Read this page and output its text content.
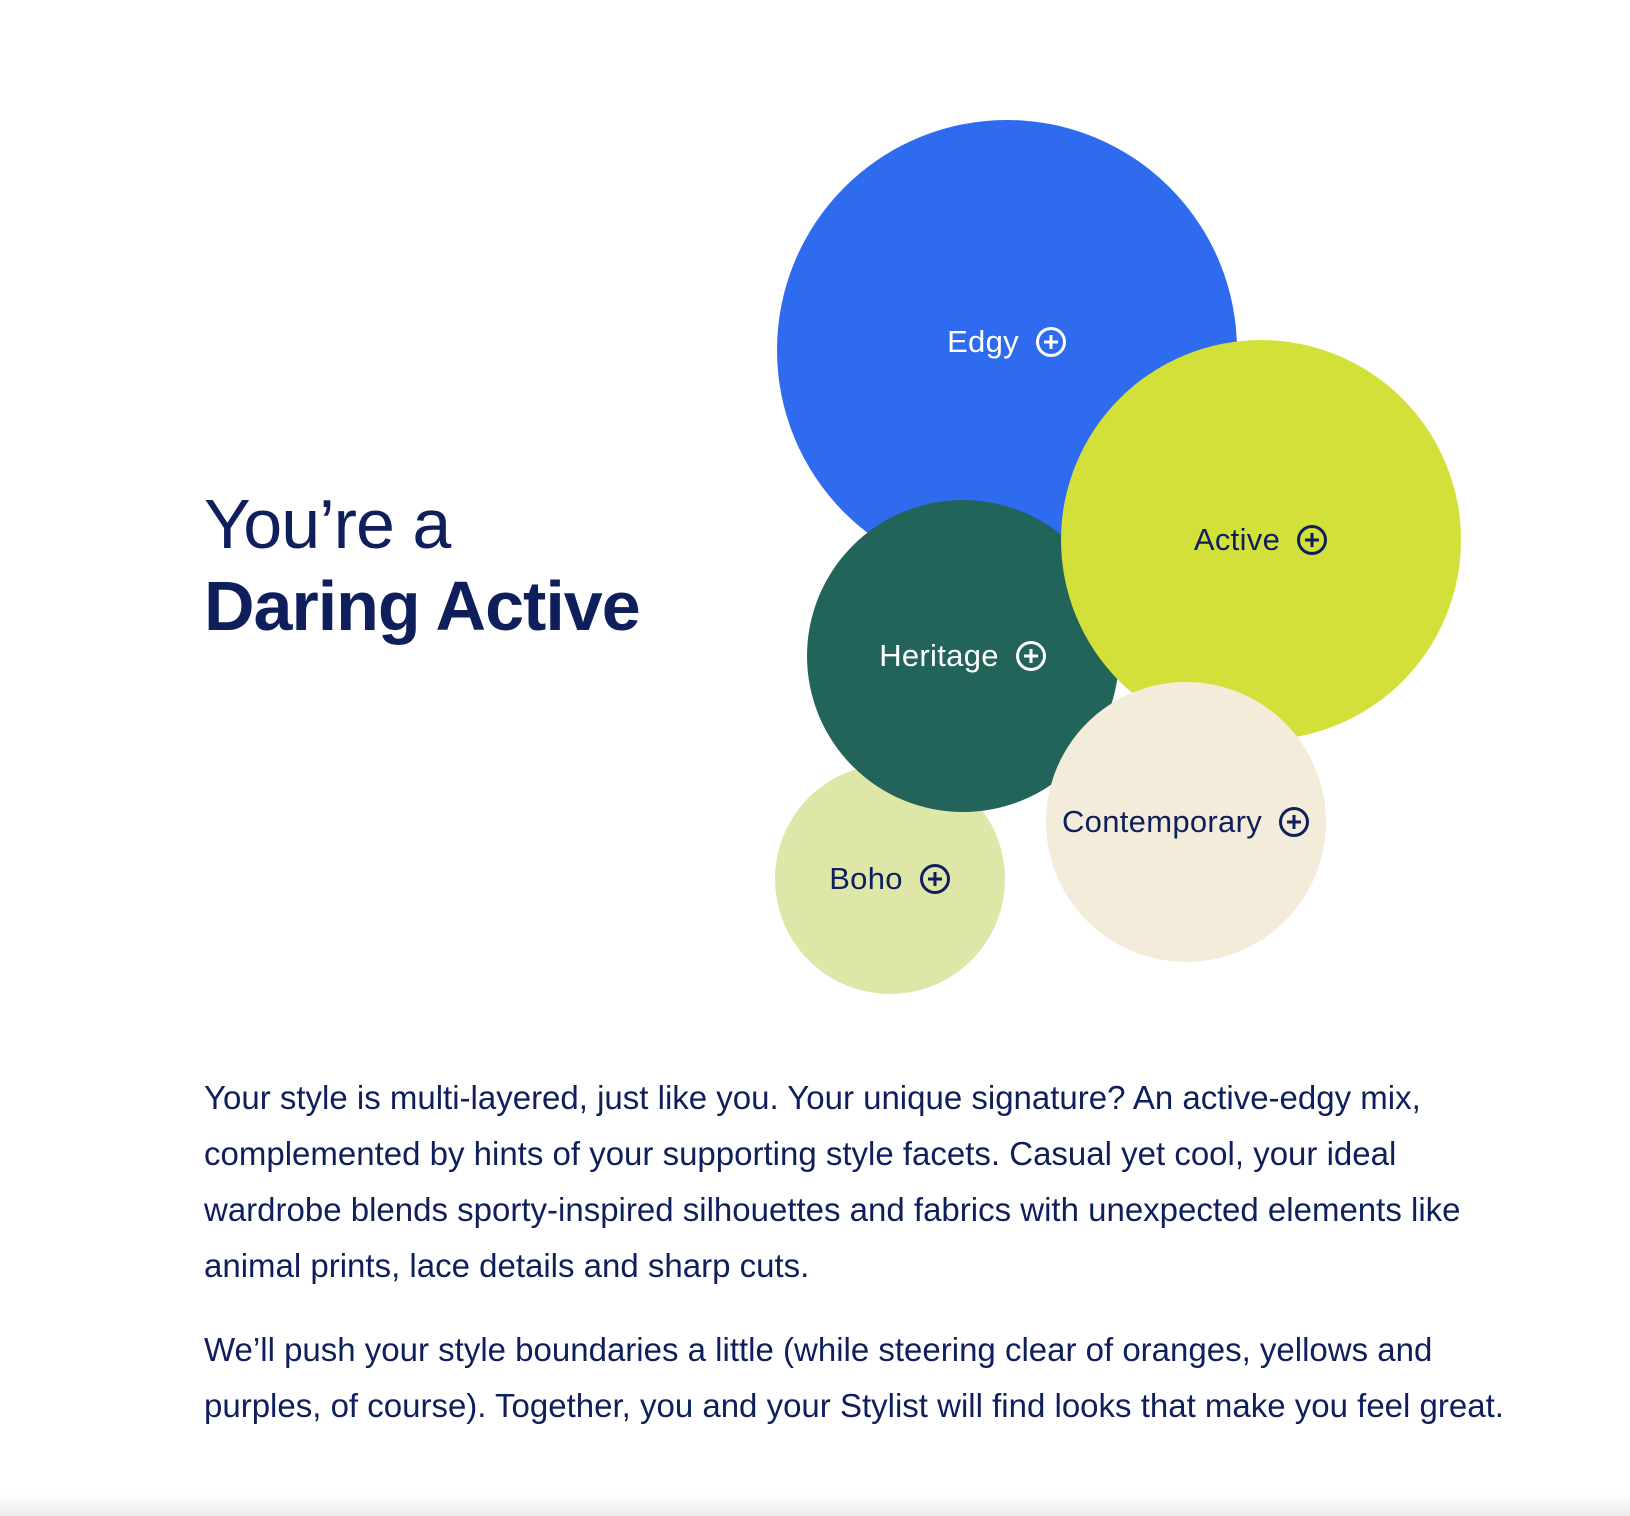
You’re a
Daring Active
Edgy
Active
Heritage
Contemporary
Boho

Your style is multi-layered, just like you. Your unique signature? An active-edgy mix, complemented by hints of your supporting style facets. Casual yet cool, your ideal wardrobe blends sporty-inspired silhouettes and fabrics with unexpected elements like animal prints, lace details and sharp cuts.

We’ll push your style boundaries a little (while steering clear of oranges, yellows and purples, of course). Together, you and your Stylist will find looks that make you feel great.
